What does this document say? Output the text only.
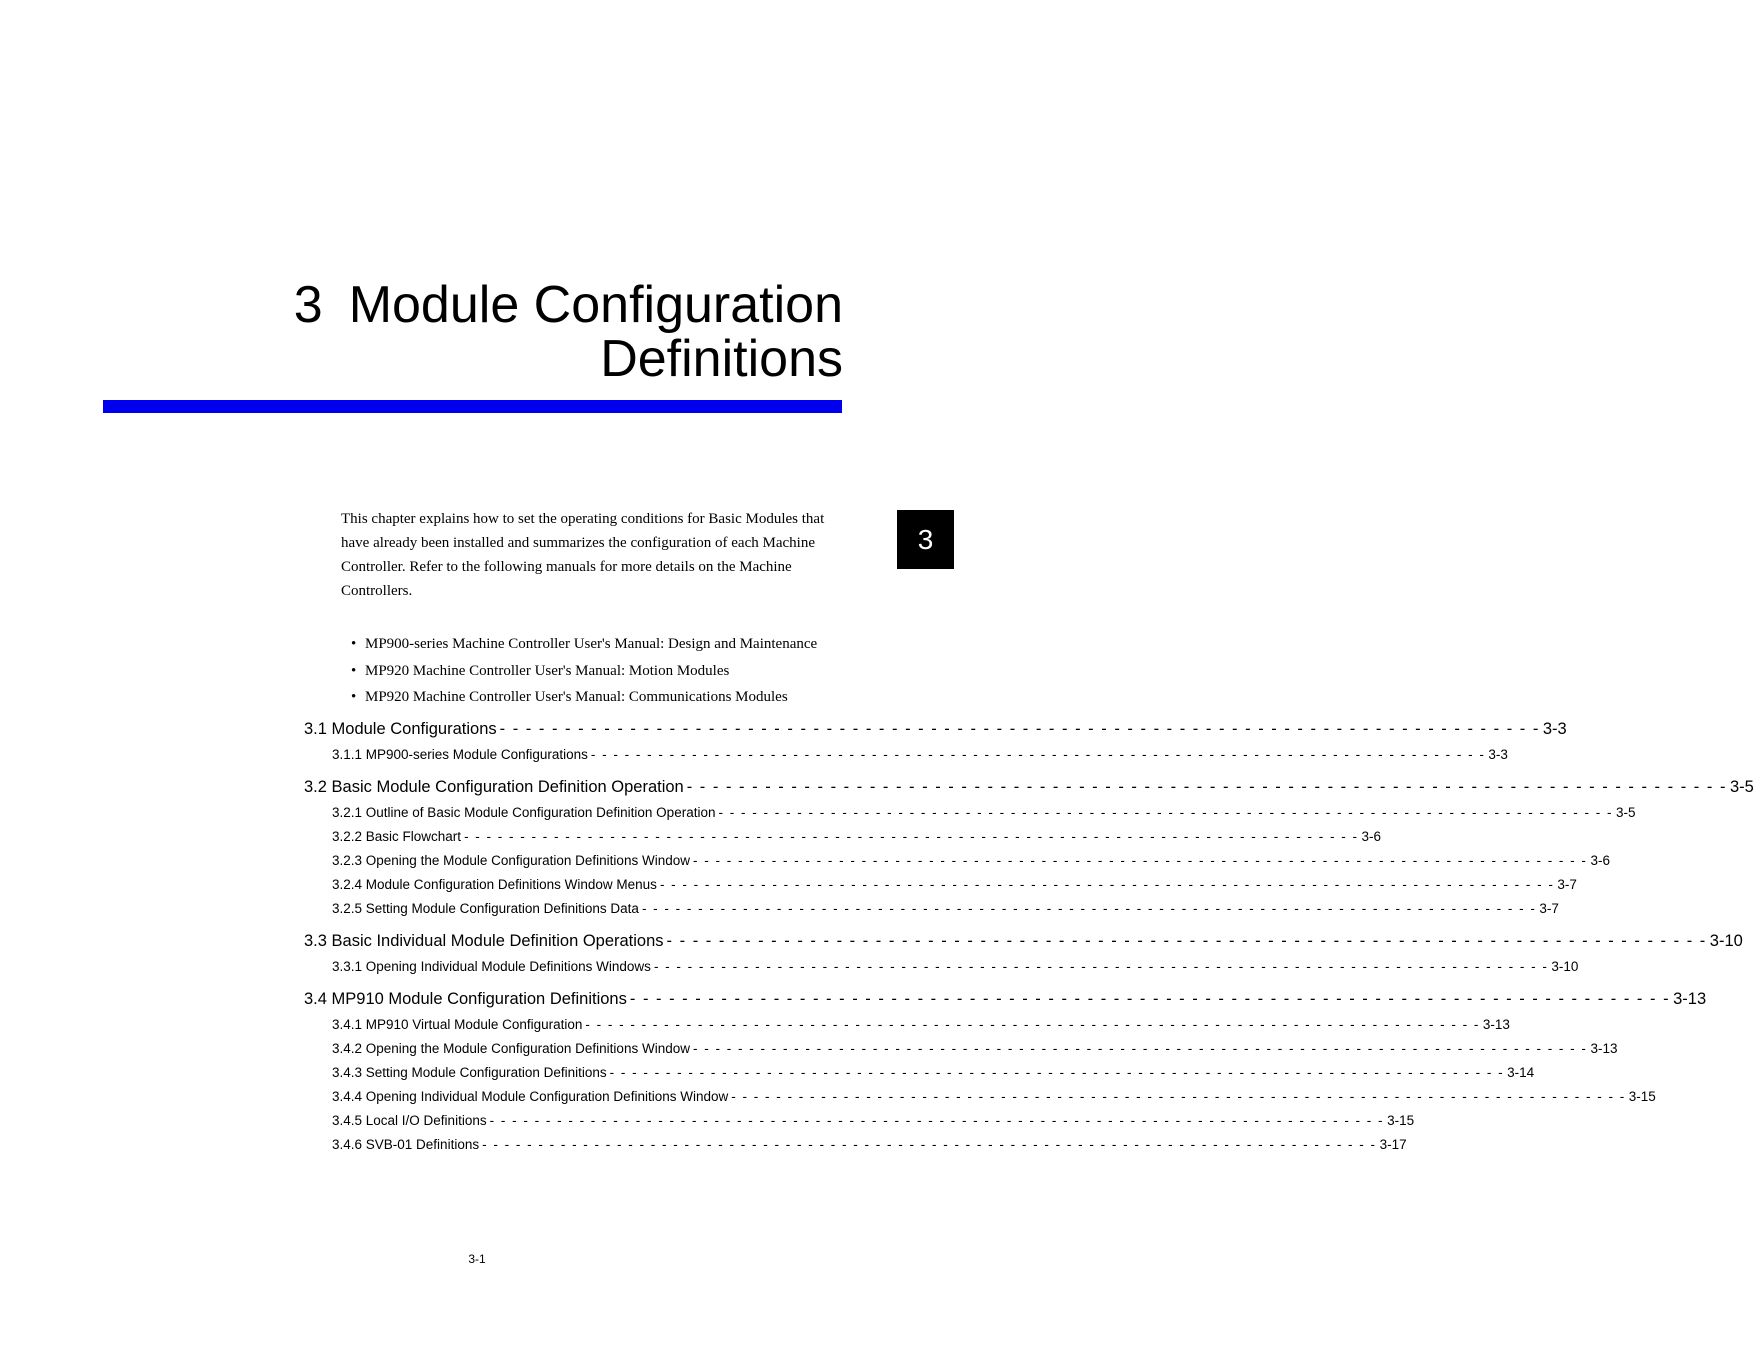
3 Module Configuration
Definitions
3

This chapter explains how to set the operating conditions for Basic Modules that have already been installed and summarizes the configuration of each Machine Controller. Refer to the following manuals for more details on the Machine Controllers.

• MP900-series Machine Controller User's Manual: Design and Maintenance
• MP920 Machine Controller User's Manual: Motion Modules
• MP920 Machine Controller User's Manual: Communications Modules
3.1 Module Configurations - - - - - - - - - - - - - - - - - - - - - - - - - - - - - - - - - - - - - - - - - - - - - - - - - - - - - - - - - - - - - - - - - - - - - - - - - - - - - - - - 3-3
3.1.1 MP900-series Module Configurations - - - - - - - - - - - - - - - - - - - - - - - - - - - - - - - - - - - - - - - - - - - - - - - - - - - - - - - - - - - - - - - - - - - - - - - - - - - - - - - - 3-3
3.2 Basic Module Configuration Definition Operation - - - - - - - - - - - - - - - - - - - - - - - - - - - - - - - - - - - - - - - - - - - - - - - - - - - - - - - - - - - - - - - - - - - - - - - - - - - - - - - - 3-5
3.2.1 Outline of Basic Module Configuration Definition Operation - - - - - - - - - - - - - - - - - - - - - - - - - - - - - - - - - - - - - - - - - - - - - - - - - - - - - - - - - - - - - - - - - - - - - - - - - - - - - - - - 3-5
3.2.2 Basic Flowchart - - - - - - - - - - - - - - - - - - - - - - - - - - - - - - - - - - - - - - - - - - - - - - - - - - - - - - - - - - - - - - - - - - - - - - - - - - - - - - - - 3-6
3.2.3 Opening the Module Configuration Definitions Window - - - - - - - - - - - - - - - - - - - - - - - - - - - - - - - - - - - - - - - - - - - - - - - - - - - - - - - - - - - - - - - - - - - - - - - - - - - - - - - - 3-6
3.2.4 Module Configuration Definitions Window Menus - - - - - - - - - - - - - - - - - - - - - - - - - - - - - - - - - - - - - - - - - - - - - - - - - - - - - - - - - - - - - - - - - - - - - - - - - - - - - - - - 3-7
3.2.5 Setting Module Configuration Definitions Data - - - - - - - - - - - - - - - - - - - - - - - - - - - - - - - - - - - - - - - - - - - - - - - - - - - - - - - - - - - - - - - - - - - - - - - - - - - - - - - - 3-7
3.3 Basic Individual Module Definition Operations - - - - - - - - - - - - - - - - - - - - - - - - - - - - - - - - - - - - - - - - - - - - - - - - - - - - - - - - - - - - - - - - - - - - - - - - - - - - - - - - 3-10
3.3.1 Opening Individual Module Definitions Windows - - - - - - - - - - - - - - - - - - - - - - - - - - - - - - - - - - - - - - - - - - - - - - - - - - - - - - - - - - - - - - - - - - - - - - - - - - - - - - - - 3-10
3.4 MP910 Module Configuration Definitions - - - - - - - - - - - - - - - - - - - - - - - - - - - - - - - - - - - - - - - - - - - - - - - - - - - - - - - - - - - - - - - - - - - - - - - - - - - - - - - - 3-13
3.4.1 MP910 Virtual Module Configuration - - - - - - - - - - - - - - - - - - - - - - - - - - - - - - - - - - - - - - - - - - - - - - - - - - - - - - - - - - - - - - - - - - - - - - - - - - - - - - - - 3-13
3.4.2 Opening the Module Configuration Definitions Window - - - - - - - - - - - - - - - - - - - - - - - - - - - - - - - - - - - - - - - - - - - - - - - - - - - - - - - - - - - - - - - - - - - - - - - - - - - - - - - - 3-13
3.4.3 Setting Module Configuration Definitions - - - - - - - - - - - - - - - - - - - - - - - - - - - - - - - - - - - - - - - - - - - - - - - - - - - - - - - - - - - - - - - - - - - - - - - - - - - - - - - - 3-14
3.4.4 Opening Individual Module Configuration Definitions Window - - - - - - - - - - - - - - - - - - - - - - - - - - - - - - - - - - - - - - - - - - - - - - - - - - - - - - - - - - - - - - - - - - - - - - - - - - - - - - - - 3-15
3.4.5 Local I/O Definitions - - - - - - - - - - - - - - - - - - - - - - - - - - - - - - - - - - - - - - - - - - - - - - - - - - - - - - - - - - - - - - - - - - - - - - - - - - - - - - - - 3-15
3.4.6 SVB-01 Definitions - - - - - - - - - - - - - - - - - - - - - - - - - - - - - - - - - - - - - - - - - - - - - - - - - - - - - - - - - - - - - - - - - - - - - - - - - - - - - - - - 3-17
3-1
